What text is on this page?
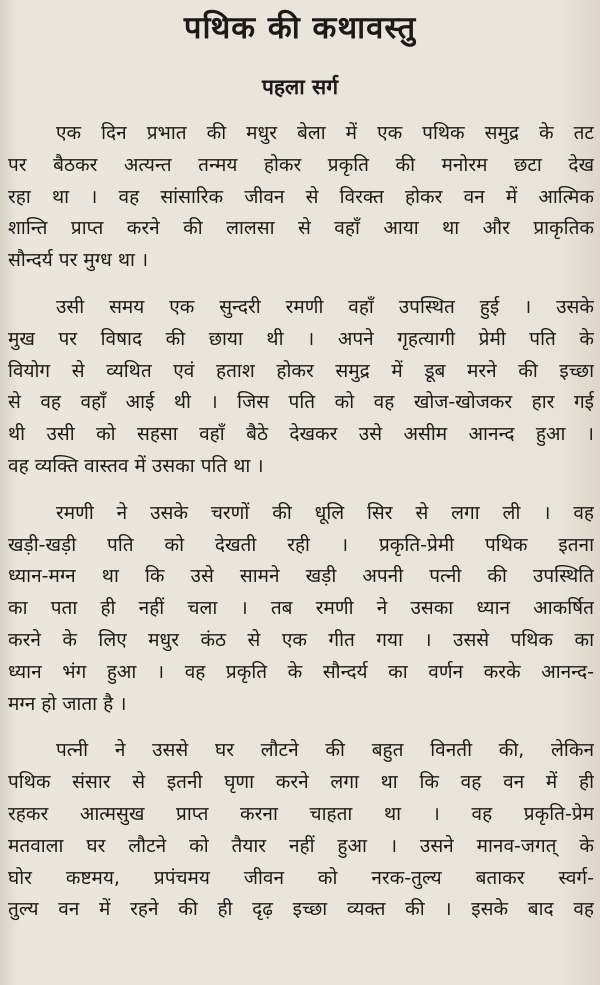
पथिक की कथावस्तु
पहला सर्ग
एक दिन प्रभात की मधुर बेला में एक पथिक समुद्र के तट
पर बैठकर अत्यन्त तन्मय होकर प्रकृति की मनोरम छटा देख
रहा था । वह सांसारिक जीवन से विरक्त होकर वन में आत्मिक
शान्ति प्राप्त करने की लालसा से वहाँ आया था और प्राकृतिक
सौन्दर्य पर मुग्ध था ।
उसी समय एक सुन्दरी रमणी वहाँ उपस्थित हुई । उसके
मुख पर विषाद की छाया थी । अपने गृहत्यागी प्रेमी पति के
वियोग से व्यथित एवं हताश होकर समुद्र में डूब मरने की इच्छा
से वह वहाँ आई थी । जिस पति को वह खोज-खोजकर हार गई
थी उसी को सहसा वहाँ बैठे देखकर उसे असीम आनन्द हुआ ।
वह व्यक्ति वास्तव में उसका पति था ।
रमणी ने उसके चरणों की धूलि सिर से लगा ली । वह
खड़ी-खड़ी पति को देखती रही । प्रकृति-प्रेमी पथिक इतना
ध्यान-मग्न था कि उसे सामने खड़ी अपनी पत्नी की उपस्थिति
का पता ही नहीं चला । तब रमणी ने उसका ध्यान आकर्षित
करने के लिए मधुर कंठ से एक गीत गया । उससे पथिक का
ध्यान भंग हुआ । वह प्रकृति के सौन्दर्य का वर्णन करके आनन्द-
मग्न हो जाता है ।
पत्नी ने उससे घर लौटने की बहुत विनती की, लेकिन
पथिक संसार से इतनी घृणा करने लगा था कि वह वन में ही
रहकर आत्मसुख प्राप्त करना चाहता था । वह प्रकृति-प्रेम
मतवाला घर लौटने को तैयार नहीं हुआ । उसने मानव-जगत् के
घोर कष्टमय, प्रपंचमय जीवन को नरक-तुल्य बताकर स्वर्ग-
तुल्य वन में रहने की ही दृढ़ इच्छा व्यक्त की । इसके बाद वह
